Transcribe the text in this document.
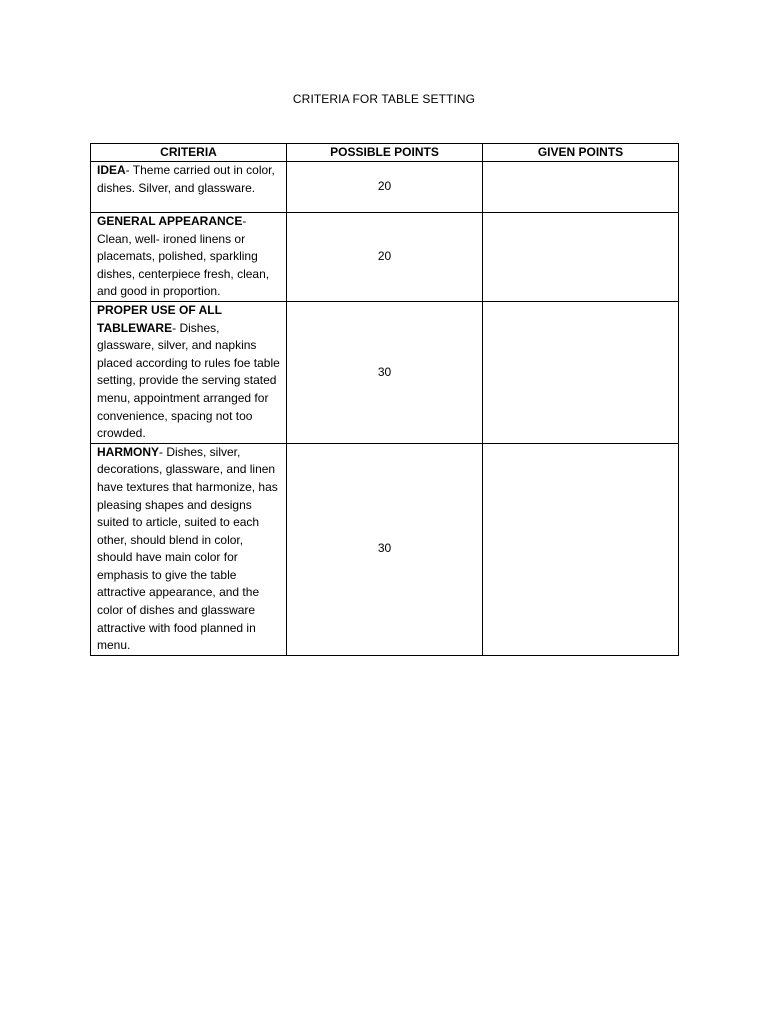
CRITERIA FOR TABLE SETTING
CRITERIA	POSSIBLE POINTS	GIVEN POINTS
IDEA- Theme carried out in color, dishes. Silver, and glassware.	20	
GENERAL APPEARANCE- Clean, well- ironed linens or placemats, polished, sparkling dishes, centerpiece fresh, clean, and good in proportion.	20	
PROPER USE OF ALL TABLEWARE- Dishes, glassware, silver, and napkins placed according to rules foe table setting, provide the serving stated menu, appointment arranged for convenience, spacing not too crowded.	30	
HARMONY- Dishes, silver, decorations, glassware, and linen have textures that harmonize, has pleasing shapes and designs suited to article, suited to each other, should blend in color, should have main color for emphasis to give the table attractive appearance, and the color of dishes and glassware attractive with food planned in menu.	30	
